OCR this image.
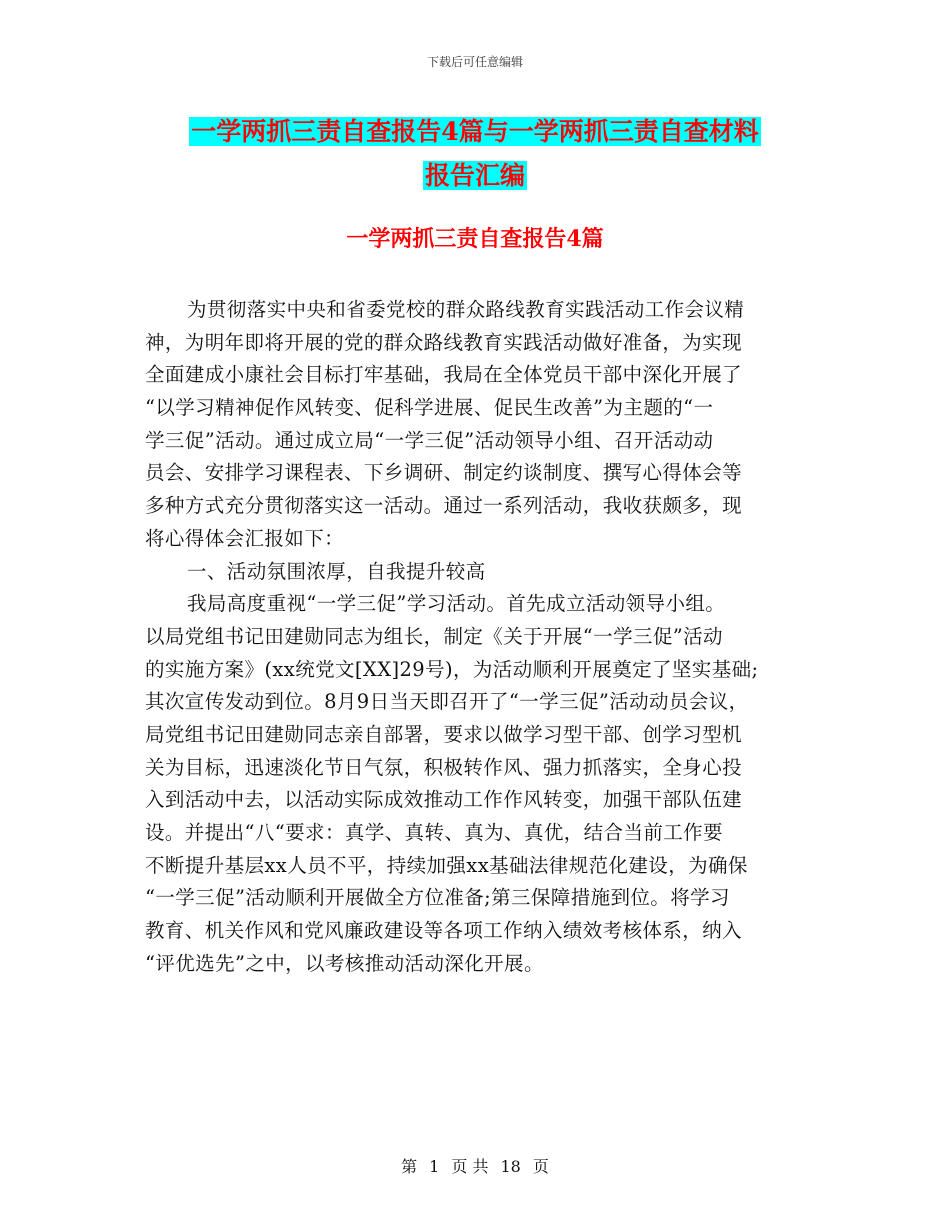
下载后可任意编辑
一学两抓三责自查报告4篇与一学两抓三责自查材料
报告汇编
一学两抓三责自查报告4篇
为贯彻落实中央和省委党校的群众路线教育实践活动工作会议精
神，为明年即将开展的党的群众路线教育实践活动做好准备，为实现
全面建成小康社会目标打牢基础，我局在全体党员干部中深化开展了
“以学习精神促作风转变、促科学进展、促民生改善”为主题的“一
学三促”活动。通过成立局“一学三促”活动领导小组、召开活动动
员会、安排学习课程表、下乡调研、制定约谈制度、撰写心得体会等
多种方式充分贯彻落实这一活动。通过一系列活动，我收获颇多，现
将心得体会汇报如下：
一、活动氛围浓厚，自我提升较高
我局高度重视“一学三促”学习活动。首先成立活动领导小组。
以局党组书记田建勋同志为组长，制定《关于开展“一学三促”活动
的实施方案》(xx统党文[XX]29号)，为活动顺利开展奠定了坚实基础;
其次宣传发动到位。8月9日当天即召开了“一学三促”活动动员会议，
局党组书记田建勋同志亲自部署，要求以做学习型干部、创学习型机
关为目标，迅速淡化节日气氛，积极转作风、强力抓落实，全身心投
入到活动中去，以活动实际成效推动工作作风转变，加强干部队伍建
设。并提出“八“要求：真学、真转、真为、真优，结合当前工作要
不断提升基层xx人员不平，持续加强xx基础法律规范化建设，为确保
“一学三促”活动顺利开展做全方位准备;第三保障措施到位。将学习
教育、机关作风和党风廉政建设等各项工作纳入绩效考核体系，纳入
“评优选先”之中，以考核推动活动深化开展。
第 1 页 共 18 页
